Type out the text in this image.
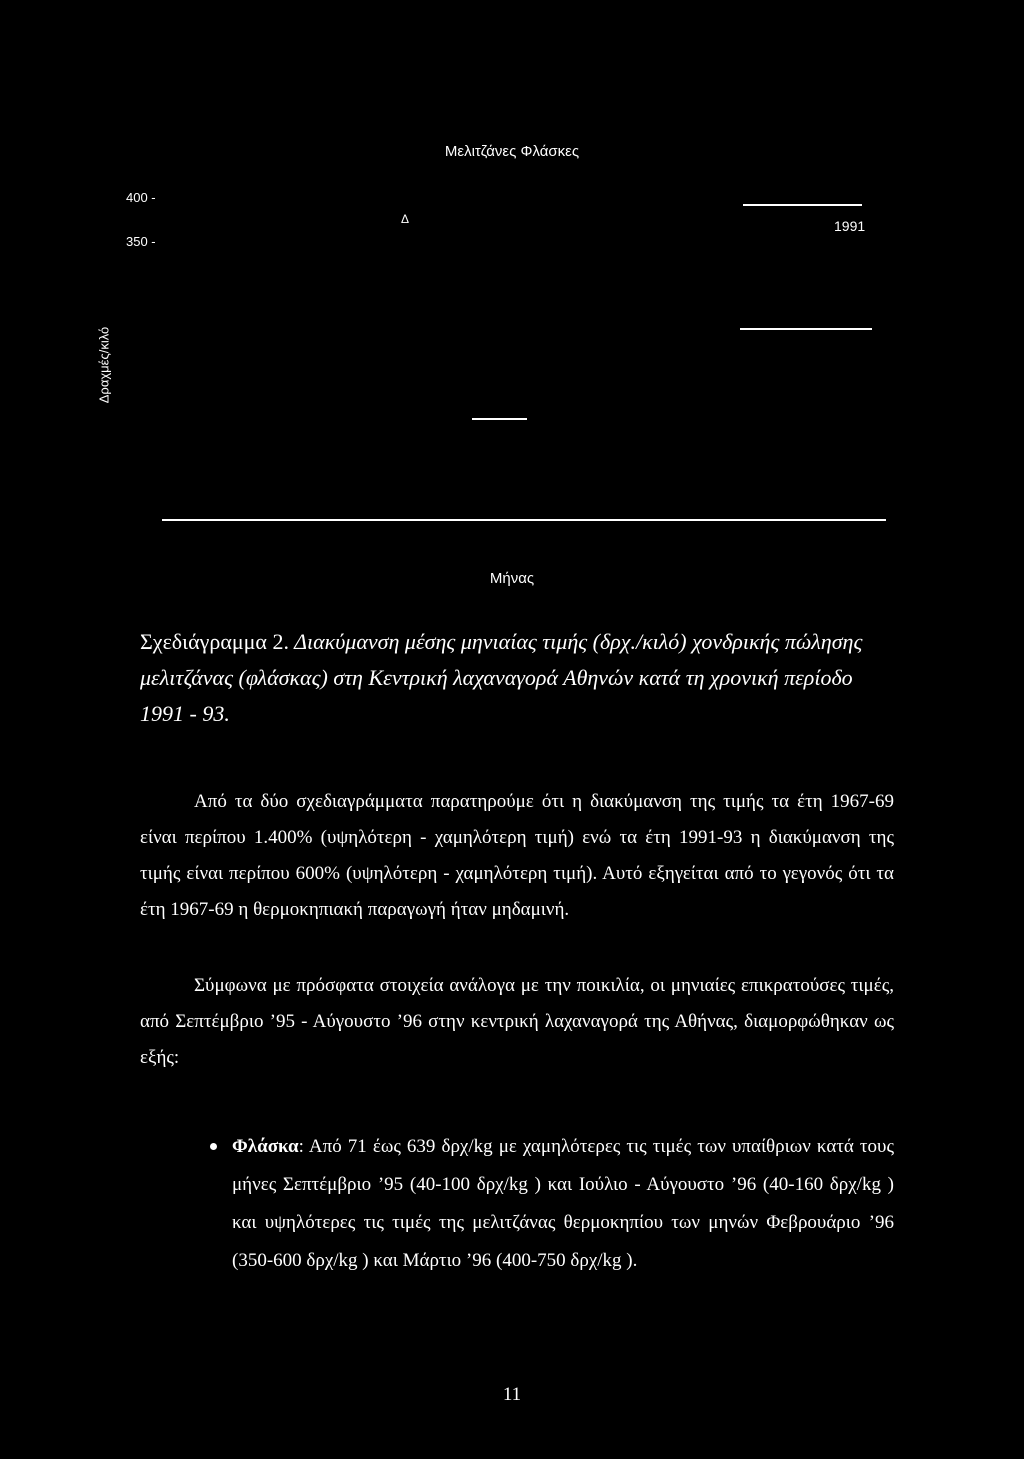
Μελιτζάνες Φλάσκες
400 -
350 -
Δ	1991
Δραχμές/κιλό
Μήνας
Σχεδιάγραμμα 2. Διακύμανση μέσης μηνιαίας τιμής (δρχ./κιλό) χονδρικής πώλησης μελιτζάνας (φλάσκας) στη Κεντρική λαχαναγορά Αθηνών κατά τη χρονική περίοδο 1991 - 93.
Από τα δύο σχεδιαγράμματα παρατηρούμε ότι η διακύμανση της τιμής τα έτη 1967-69 είναι περίπου 1.400% (υψηλότερη - χαμηλότερη τιμή) ενώ τα έτη 1991-93 η διακύμανση της τιμής είναι περίπου 600% (υψηλότερη - χαμηλότερη τιμή). Αυτό εξηγείται από το γεγονός ότι τα έτη 1967-69 η θερμοκηπιακή παραγωγή ήταν μηδαμινή.
Σύμφωνα με πρόσφατα στοιχεία ανάλογα με την ποικιλία, οι μηνιαίες επικρατούσες τιμές, από Σεπτέμβριο ’95 - Αύγουστο ’96 στην κεντρική λαχαναγορά της Αθήνας, διαμορφώθηκαν ως εξής:
Φλάσκα: Από 71 έως 639 δρχ/kg με χαμηλότερες τις τιμές των υπαίθριων κατά τους μήνες Σεπτέμβριο ’95 (40-100 δρχ/kg ) και Ιούλιο - Αύγουστο ’96 (40-160 δρχ/kg ) και υψηλότερες τις τιμές της μελιτζάνας θερμοκηπίου των μηνών Φεβρουάριο ’96 (350-600 δρχ/kg ) και Μάρτιο ’96 (400-750 δρχ/kg ).
11
